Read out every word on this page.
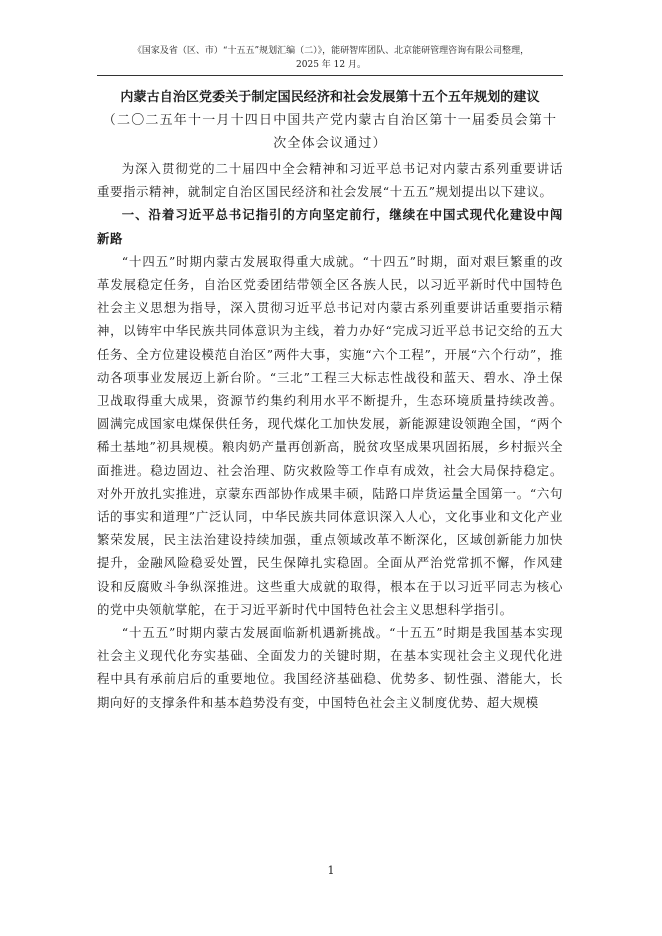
《国家及省（区、市）“十五五”规划汇编（二）》，能研智库团队、北京能研管理咨询有限公司整理，
2025 年 12 月。
内蒙古自治区党委关于制定国民经济和社会发展第十五个五年规划的建议

（二〇二五年十一月十四日中国共产党内蒙古自治区第十一届委员会第十次全体会议通过）

为深入贯彻党的二十届四中全会精神和习近平总书记对内蒙古系列重要讲话重要指示精神，就制定自治区国民经济和社会发展“十五五”规划提出以下建议。

一、沿着习近平总书记指引的方向坚定前行，继续在中国式现代化建设中闯新路

“十四五”时期内蒙古发展取得重大成就。“十四五”时期，面对艰巨繁重的改革发展稳定任务，自治区党委团结带领全区各族人民，以习近平新时代中国特色社会主义思想为指导，深入贯彻习近平总书记对内蒙古系列重要讲话重要指示精神，以铸牢中华民族共同体意识为主线，着力办好“完成习近平总书记交给的五大任务、全方位建设模范自治区”两件大事，实施“六个工程”，开展“六个行动”，推动各项事业发展迈上新台阶。“三北”工程三大标志性战役和蓝天、碧水、净土保卫战取得重大成果，资源节约集约利用水平不断提升，生态环境质量持续改善。圆满完成国家电煤保供任务，现代煤化工加快发展，新能源建设领跑全国，“两个稀土基地”初具规模。粮肉奶产量再创新高，脱贫攻坚成果巩固拓展，乡村振兴全面推进。稳边固边、社会治理、防灾救险等工作卓有成效，社会大局保持稳定。对外开放扎实推进，京蒙东西部协作成果丰硕，陆路口岸货运量全国第一。“六句话的事实和道理”广泛认同，中华民族共同体意识深入人心，文化事业和文化产业繁荣发展，民主法治建设持续加强，重点领域改革不断深化，区域创新能力加快提升，金融风险稳妥处置，民生保障扎实稳固。全面从严治党常抓不懈，作风建设和反腐败斗争纵深推进。这些重大成就的取得，根本在于以习近平同志为核心的党中央领航掌舵，在于习近平新时代中国特色社会主义思想科学指引。

“十五五”时期内蒙古发展面临新机遇新挑战。“十五五”时期是我国基本实现社会主义现代化夯实基础、全面发力的关键时期，在基本实现社会主义现代化进程中具有承前启后的重要地位。我国经济基础稳、优势多、韧性强、潜能大，长期向好的支撑条件和基本趋势没有变，中国特色社会主义制度优势、超大规模

1
